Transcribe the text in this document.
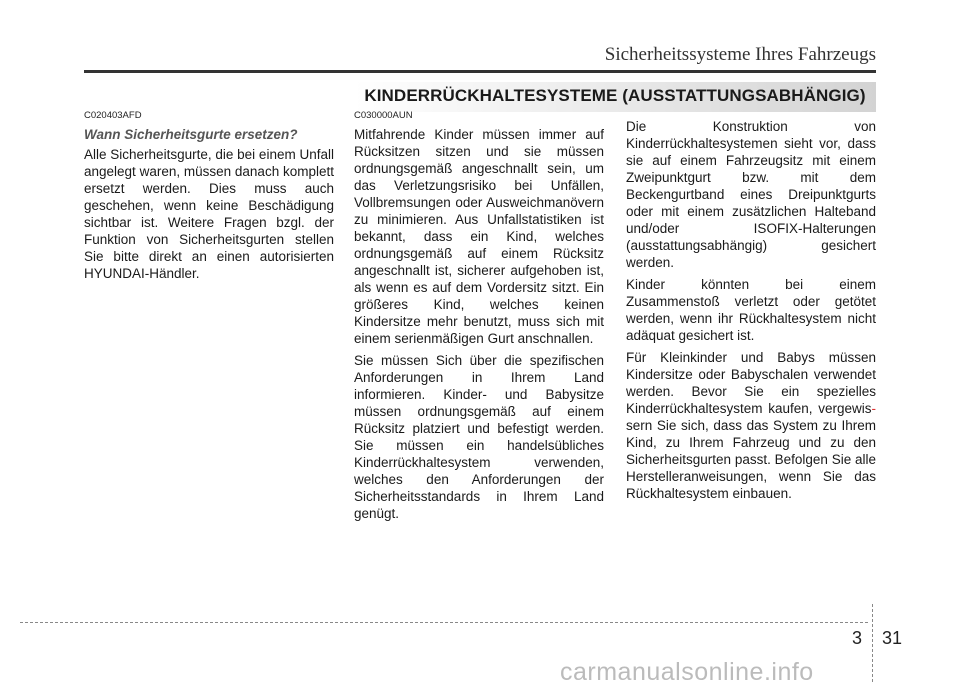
Sicherheitssysteme Ihres Fahrzeugs
KINDERRÜCKHALTESYSTEME (AUSSTATTUNGSABHÄNGIG)
C020403AFD
Wann Sicherheitsgurte ersetzen?

Alle Sicherheitsgurte, die bei einem Unfall angelegt waren, müssen danach komplett ersetzt werden. Dies muss auch geschehen, wenn keine Beschädigung sichtbar ist. Weitere Fragen bzgl. der Funktion von Sicherheitsgurten stellen Sie bitte direkt an einen autorisierten HYUNDAI-Händler.

C030000AUN

Mitfahrende Kinder müssen immer auf Rücksitzen sitzen und sie müssen ordnungsgemäß angeschnallt sein, um das Verletzungsrisiko bei Unfällen, Vollbremsungen oder Ausweichmanövern zu minimieren. Aus Unfallstatistiken ist bekannt, dass ein Kind, welches ordnungsgemäß auf einem Rücksitz angeschnallt ist, sicherer aufgehoben ist, als wenn es auf dem Vordersitz sitzt. Ein größeres Kind, welches keinen Kindersitze mehr benutzt, muss sich mit einem serienmäßigen Gurt anschnallen.

Sie müssen Sich über die spezifischen Anforderungen in Ihrem Land informieren. Kinder- und Babysitze müssen ordnungsgemäß auf einem Rücksitz platziert und befestigt werden. Sie müssen ein handelsübliches Kinderrückhaltesystem verwenden, welches den Anforderungen der Sicherheitsstandards in Ihrem Land genügt.

Die Konstruktion von Kinderrückhaltesystemen sieht vor, dass sie auf einem Fahrzeugsitz mit einem Zweipunktgurt bzw. mit dem Beckengurtband eines Dreipunktgurts oder mit einem zusätzlichen Halteband und/oder ISOFIX-Halterungen (ausstattungsabhängig) gesichert werden.

Kinder könnten bei einem Zusammenstoß verletzt oder getötet werden, wenn ihr Rückhaltesystem nicht adäquat gesichert ist.

Für Kleinkinder und Babys müssen Kindersitze oder Babyschalen verwendet werden. Bevor Sie ein spezielles Kinderrückhaltesystem kaufen, vergewis-sern Sie sich, dass das System zu Ihrem Kind, zu Ihrem Fahrzeug und zu den Sicherheitsgurten passt. Befolgen Sie alle Herstelleranweisungen, wenn Sie das Rückhaltesystem einbauen.

3 31
carmanualsonline.info
